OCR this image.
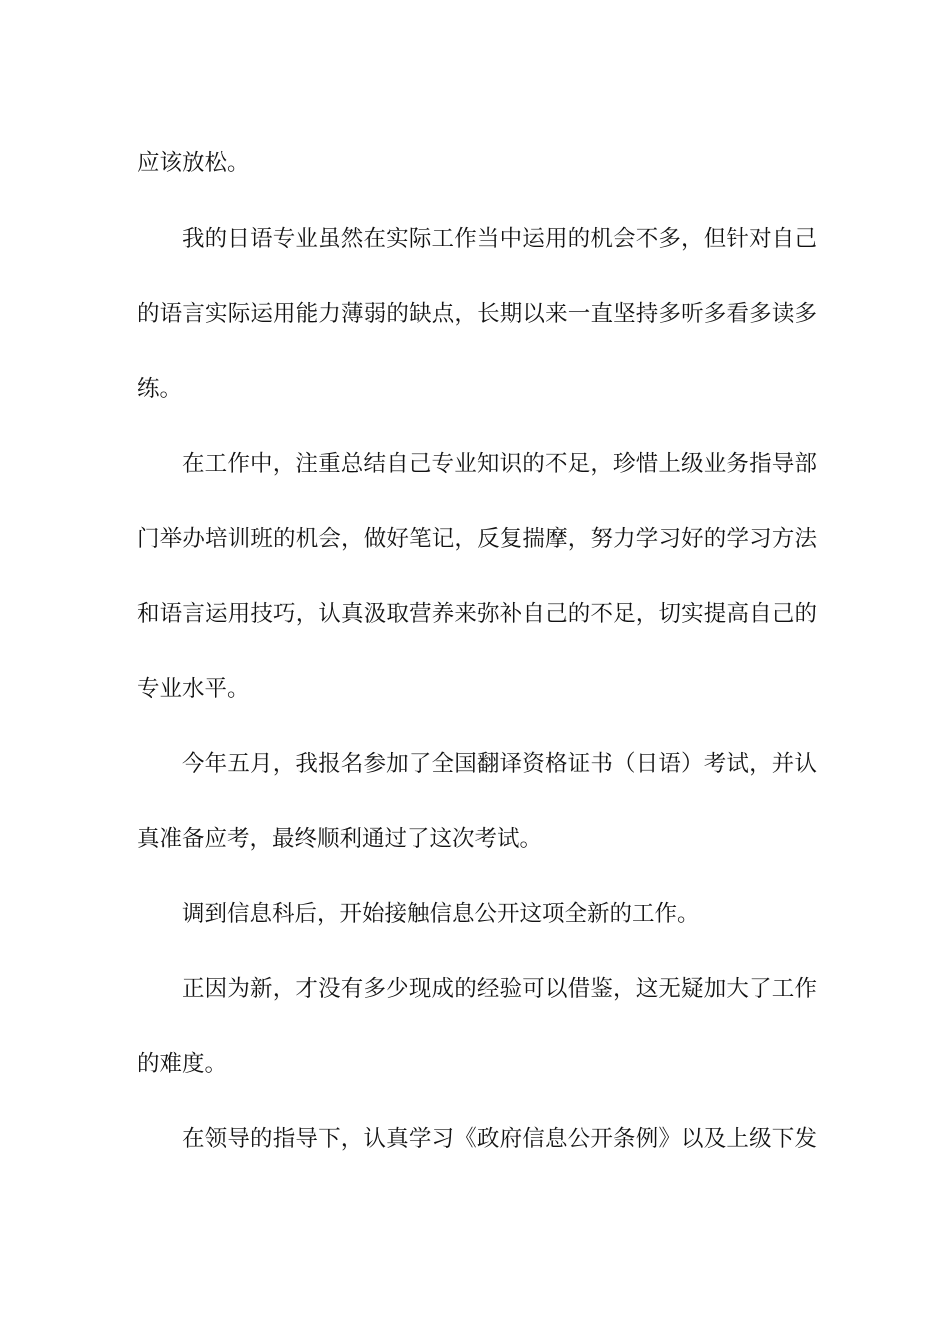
应该放松。
我的日语专业虽然在实际工作当中运用的机会不多，但针对自己
的语言实际运用能力薄弱的缺点，长期以来一直坚持多听多看多读多
练。
在工作中，注重总结自己专业知识的不足，珍惜上级业务指导部
门举办培训班的机会，做好笔记，反复揣摩，努力学习好的学习方法
和语言运用技巧，认真汲取营养来弥补自己的不足，切实提高自己的
专业水平。
今年五月，我报名参加了全国翻译资格证书（日语）考试，并认
真准备应考，最终顺利通过了这次考试。
调到信息科后，开始接触信息公开这项全新的工作。
正因为新，才没有多少现成的经验可以借鉴，这无疑加大了工作
的难度。
在领导的指导下，认真学习《政府信息公开条例》以及上级下发
